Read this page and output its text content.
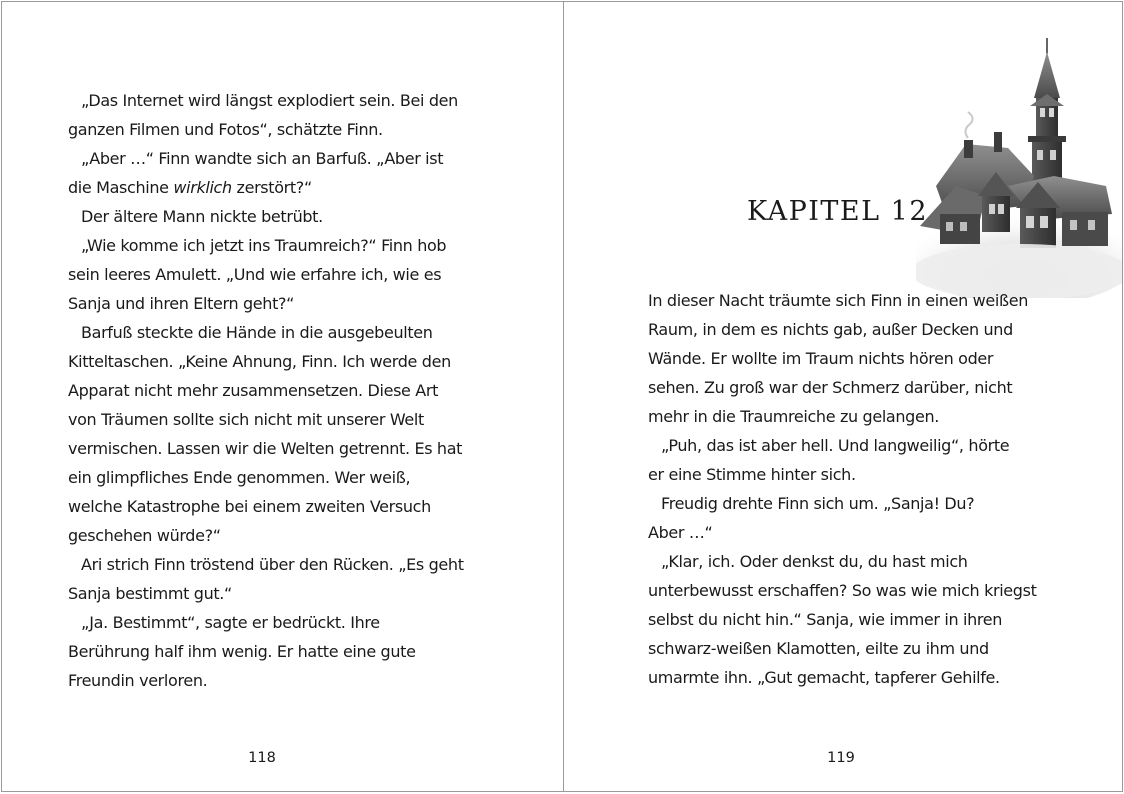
„Das Internet wird längst explodiert sein. Bei den
ganzen Filmen und Fotos“, schätzte Finn.
„Aber …“ Finn wandte sich an Barfuß. „Aber ist
die Maschine wirklich zerstört?“
Der ältere Mann nickte betrübt.
„Wie komme ich jetzt ins Traumreich?“ Finn hob
sein leeres Amulett. „Und wie erfahre ich, wie es
Sanja und ihren Eltern geht?“
Barfuß steckte die Hände in die ausgebeulten
Kitteltaschen. „Keine Ahnung, Finn. Ich werde den
Apparat nicht mehr zusammensetzen. Diese Art
von Träumen sollte sich nicht mit unserer Welt
vermischen. Lassen wir die Welten getrennt. Es hat
ein glimpfliches Ende genommen. Wer weiß,
welche Katastrophe bei einem zweiten Versuch
geschehen würde?“
Ari strich Finn tröstend über den Rücken. „Es geht
Sanja bestimmt gut.“
„Ja. Bestimmt“, sagte er bedrückt. Ihre
Berührung half ihm wenig. Er hatte eine gute
Freundin verloren.
118
KAPITEL 12
In dieser Nacht träumte sich Finn in einen weißen
Raum, in dem es nichts gab, außer Decken und
Wände. Er wollte im Traum nichts hören oder
sehen. Zu groß war der Schmerz darüber, nicht
mehr in die Traumreiche zu gelangen.
„Puh, das ist aber hell. Und langweilig“, hörte
er eine Stimme hinter sich.
Freudig drehte Finn sich um. „Sanja! Du?
Aber …“
„Klar, ich. Oder denkst du, du hast mich
unterbewusst erschaffen? So was wie mich kriegst
selbst du nicht hin.“ Sanja, wie immer in ihren
schwarz-weißen Klamotten, eilte zu ihm und
umarmte ihn. „Gut gemacht, tapferer Gehilfe.
119
